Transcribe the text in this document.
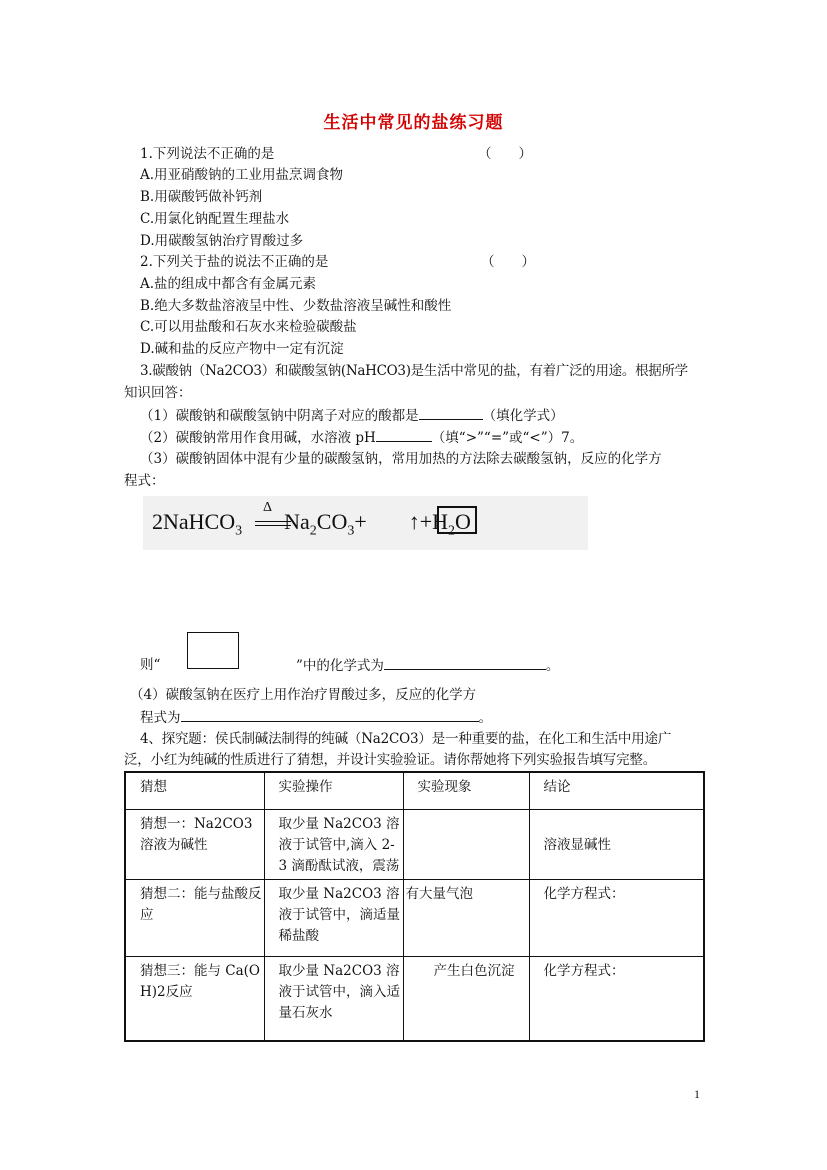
生活中常见的盐练习题
1.下列说法不正确的是	（　　）
A.用亚硝酸钠的工业用盐烹调食物
B.用碳酸钙做补钙剂
C.用氯化钠配置生理盐水
D.用碳酸氢钠治疗胃酸过多
2.下列关于盐的说法不正确的是	（　　）
A.盐的组成中都含有金属元素
B.绝大多数盐溶液呈中性、少数盐溶液呈碱性和酸性
C.可以用盐酸和石灰水来检验碳酸盐
D.碱和盐的反应产物中一定有沉淀
3.碳酸钠（Na2CO3）和碳酸氢钠(NaHCO3)是生活中常见的盐，有着广泛的用途。根据所学
知识回答：
（1）碳酸钠和碳酸氢钠中阴离子对应的酸都是	（填化学式）
（2）碳酸钠常用作食用碱，水溶液 pH	（填“>”“=”或“<”）7。
（3）碳酸钠固体中混有少量的碳酸氢钠，常用加热的方法除去碳酸氢钠，反应的化学方
程式：
Δ
2NaHCO$_3$ $Na_2CO_3+$ $↑+H_2O$
则“	”中的化学式为	。
（4）碳酸氢钠在医疗上用作治疗胃酸过多，反应的化学方
程式为	。
4、探究题：侯氏制碱法制得的纯碱（Na2CO3）是一种重要的盐，在化工和生活中用途广
泛，小红为纯碱的性质进行了猜想，并设计实验验证。请你帮她将下列实验报告填写完整。
猜想	实验操作	实验现象	结论
猜想一：Na2CO3溶液为碱性	取少量 Na2CO3 溶液于试管中,滴入 2-3 滴酚酞试液，震荡		溶液显碱性
猜想二：能与盐酸反应	取少量 Na2CO3 溶液于试管中，滴适量稀盐酸	有大量气泡	化学方程式：
猜想三：能与 Ca(OH)2反应	取少量 Na2CO3 溶液于试管中，滴入适量石灰水	产生白色沉淀	化学方程式：
1
